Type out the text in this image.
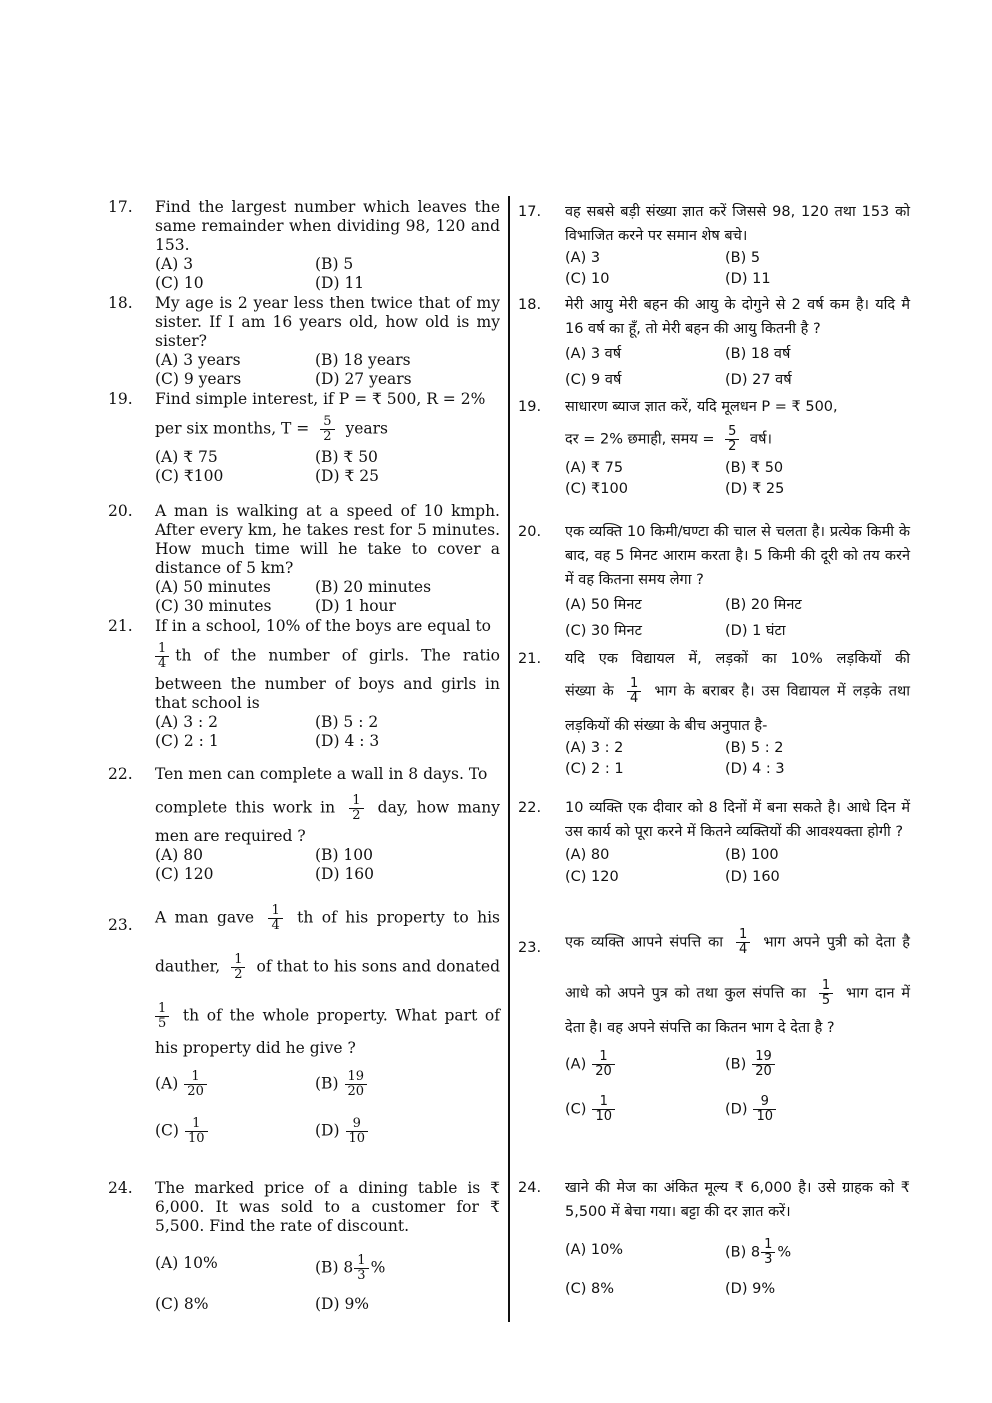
17.	Find the largest number which leaves the same remainder when dividing 98, 120 and 153.
(A) 3	(B) 5
(C) 10	(D) 11
18.	My age is 2 year less then twice that of my sister. If I am 16 years old, how old is my sister?
(A) 3 years	(B) 18 years
(C) 9 years	(D) 27 years
19.	Find simple interest, if P = ₹ 500, R = 2%
per six months, $T = \frac{5}{2}$ years
(A) ₹ 75	(B) ₹ 50
(C) ₹100	(D) ₹ 25
20.	A man is walking at a speed of 10 kmph. After every km, he takes rest for 5 minutes. How much time will he take to cover a distance of 5 km?
(A) 50 minutes	(B) 20 minutes
(C) 30 minutes	(D) 1 hour
21.	If in a school, 10% of the boys are equal to
$\frac{1}{4}$ th of the number of girls. The ratio
between the number of boys and girls in that school is
(A) 3 : 2	(B) 5 : 2
(C) 2 : 1	(D) 4 : 3
22.	Ten men can complete a wall in 8 days. To
complete this work in $\frac{1}{2}$ day, how many
men are required ?
(A) 80	(B) 100
(C) 120	(D) 160
23.	A man gave $\frac{1}{4}$ th of his property to his
dauther, $\frac{1}{2}$ of that to his sons and donated
$\frac{1}{5}$ th of the whole property. What part of
his property did he give ?
$(A) \frac{1}{20}$	$(B) \frac{19}{20}$
$(C) \frac{1}{10}$	$(D) \frac{9}{10}$
24.	The marked price of a dining table is ₹ 6,000. It was sold to a customer for ₹ 5,500. Find the rate of discount.
(A) 10%	(B) $8 \frac{1}{3}$ %
(C) 8%	(D) 9%
17.	वह सबसे बड़ी संख्या ज्ञात करें जिससे 98, 120 तथा 153 को विभाजित करने पर समान शेष बचे।
(A) 3	(B) 5
(C) 10	(D) 11
18.	मेरी आयु मेरी बहन की आयु के दोगुने से 2 वर्ष कम है। यदि मै 16 वर्ष का हूँ, तो मेरी बहन की आयु कितनी है ?
(A) 3 वर्ष	(B) 18 वर्ष
(C) 9 वर्ष	(D) 27 वर्ष
19.	साधारण ब्याज ज्ञात करें, यदि मूलधन P = ₹ 500,
दर = 2% छमाही, समय = $\frac{5}{2}$ वर्ष।
(A) ₹ 75	(B) ₹ 50
(C) ₹100	(D) ₹ 25
20.	एक व्यक्ति 10 किमी/घण्टा की चाल से चलता है। प्रत्येक किमी के बाद, वह 5 मिनट आराम करता है। 5 किमी की दूरी को तय करने में वह कितना समय लेगा ?
(A) 50 मिनट	(B) 20 मिनट
(C) 30 मिनट	(D) 1 घंटा
21.	यदि एक विद्यायल में, लड़कों का 10% लड़कियों की
संख्या के $\frac{1}{4}$ भाग के बराबर है। उस विद्यायल में लड़के तथा
लड़कियों की संख्या के बीच अनुपात है-
(A) 3 : 2	(B) 5 : 2
(C) 2 : 1	(D) 4 : 3
22.	10 व्यक्ति एक दीवार को 8 दिनों में बना सकते है। आधे दिन में उस कार्य को पूरा करने में कितने व्यक्तियों की आवश्यक्ता होगी ?
(A) 80	(B) 100
(C) 120	(D) 160
23.	एक व्यक्ति आपने संपत्ति का $\frac{1}{4}$ भाग अपने पुत्री को देता है
आधे को अपने पुत्र को तथा कुल संपत्ति का $\frac{1}{5}$ भाग दान में
देता है। वह अपने संपत्ति का कितन भाग दे देता है ?
$(A) \frac{1}{20}$	$(B) \frac{19}{20}$
$(C) \frac{1}{10}$	$(D) \frac{9}{10}$
24.	खाने की मेज का अंकित मूल्य ₹ 6,000 है। उसे ग्राहक को ₹ 5,500 में बेचा गया। बट्टा की दर ज्ञात करें।
(A) 10%	(B) $8 \frac{1}{3}$ %
(C) 8%	(D) 9%
